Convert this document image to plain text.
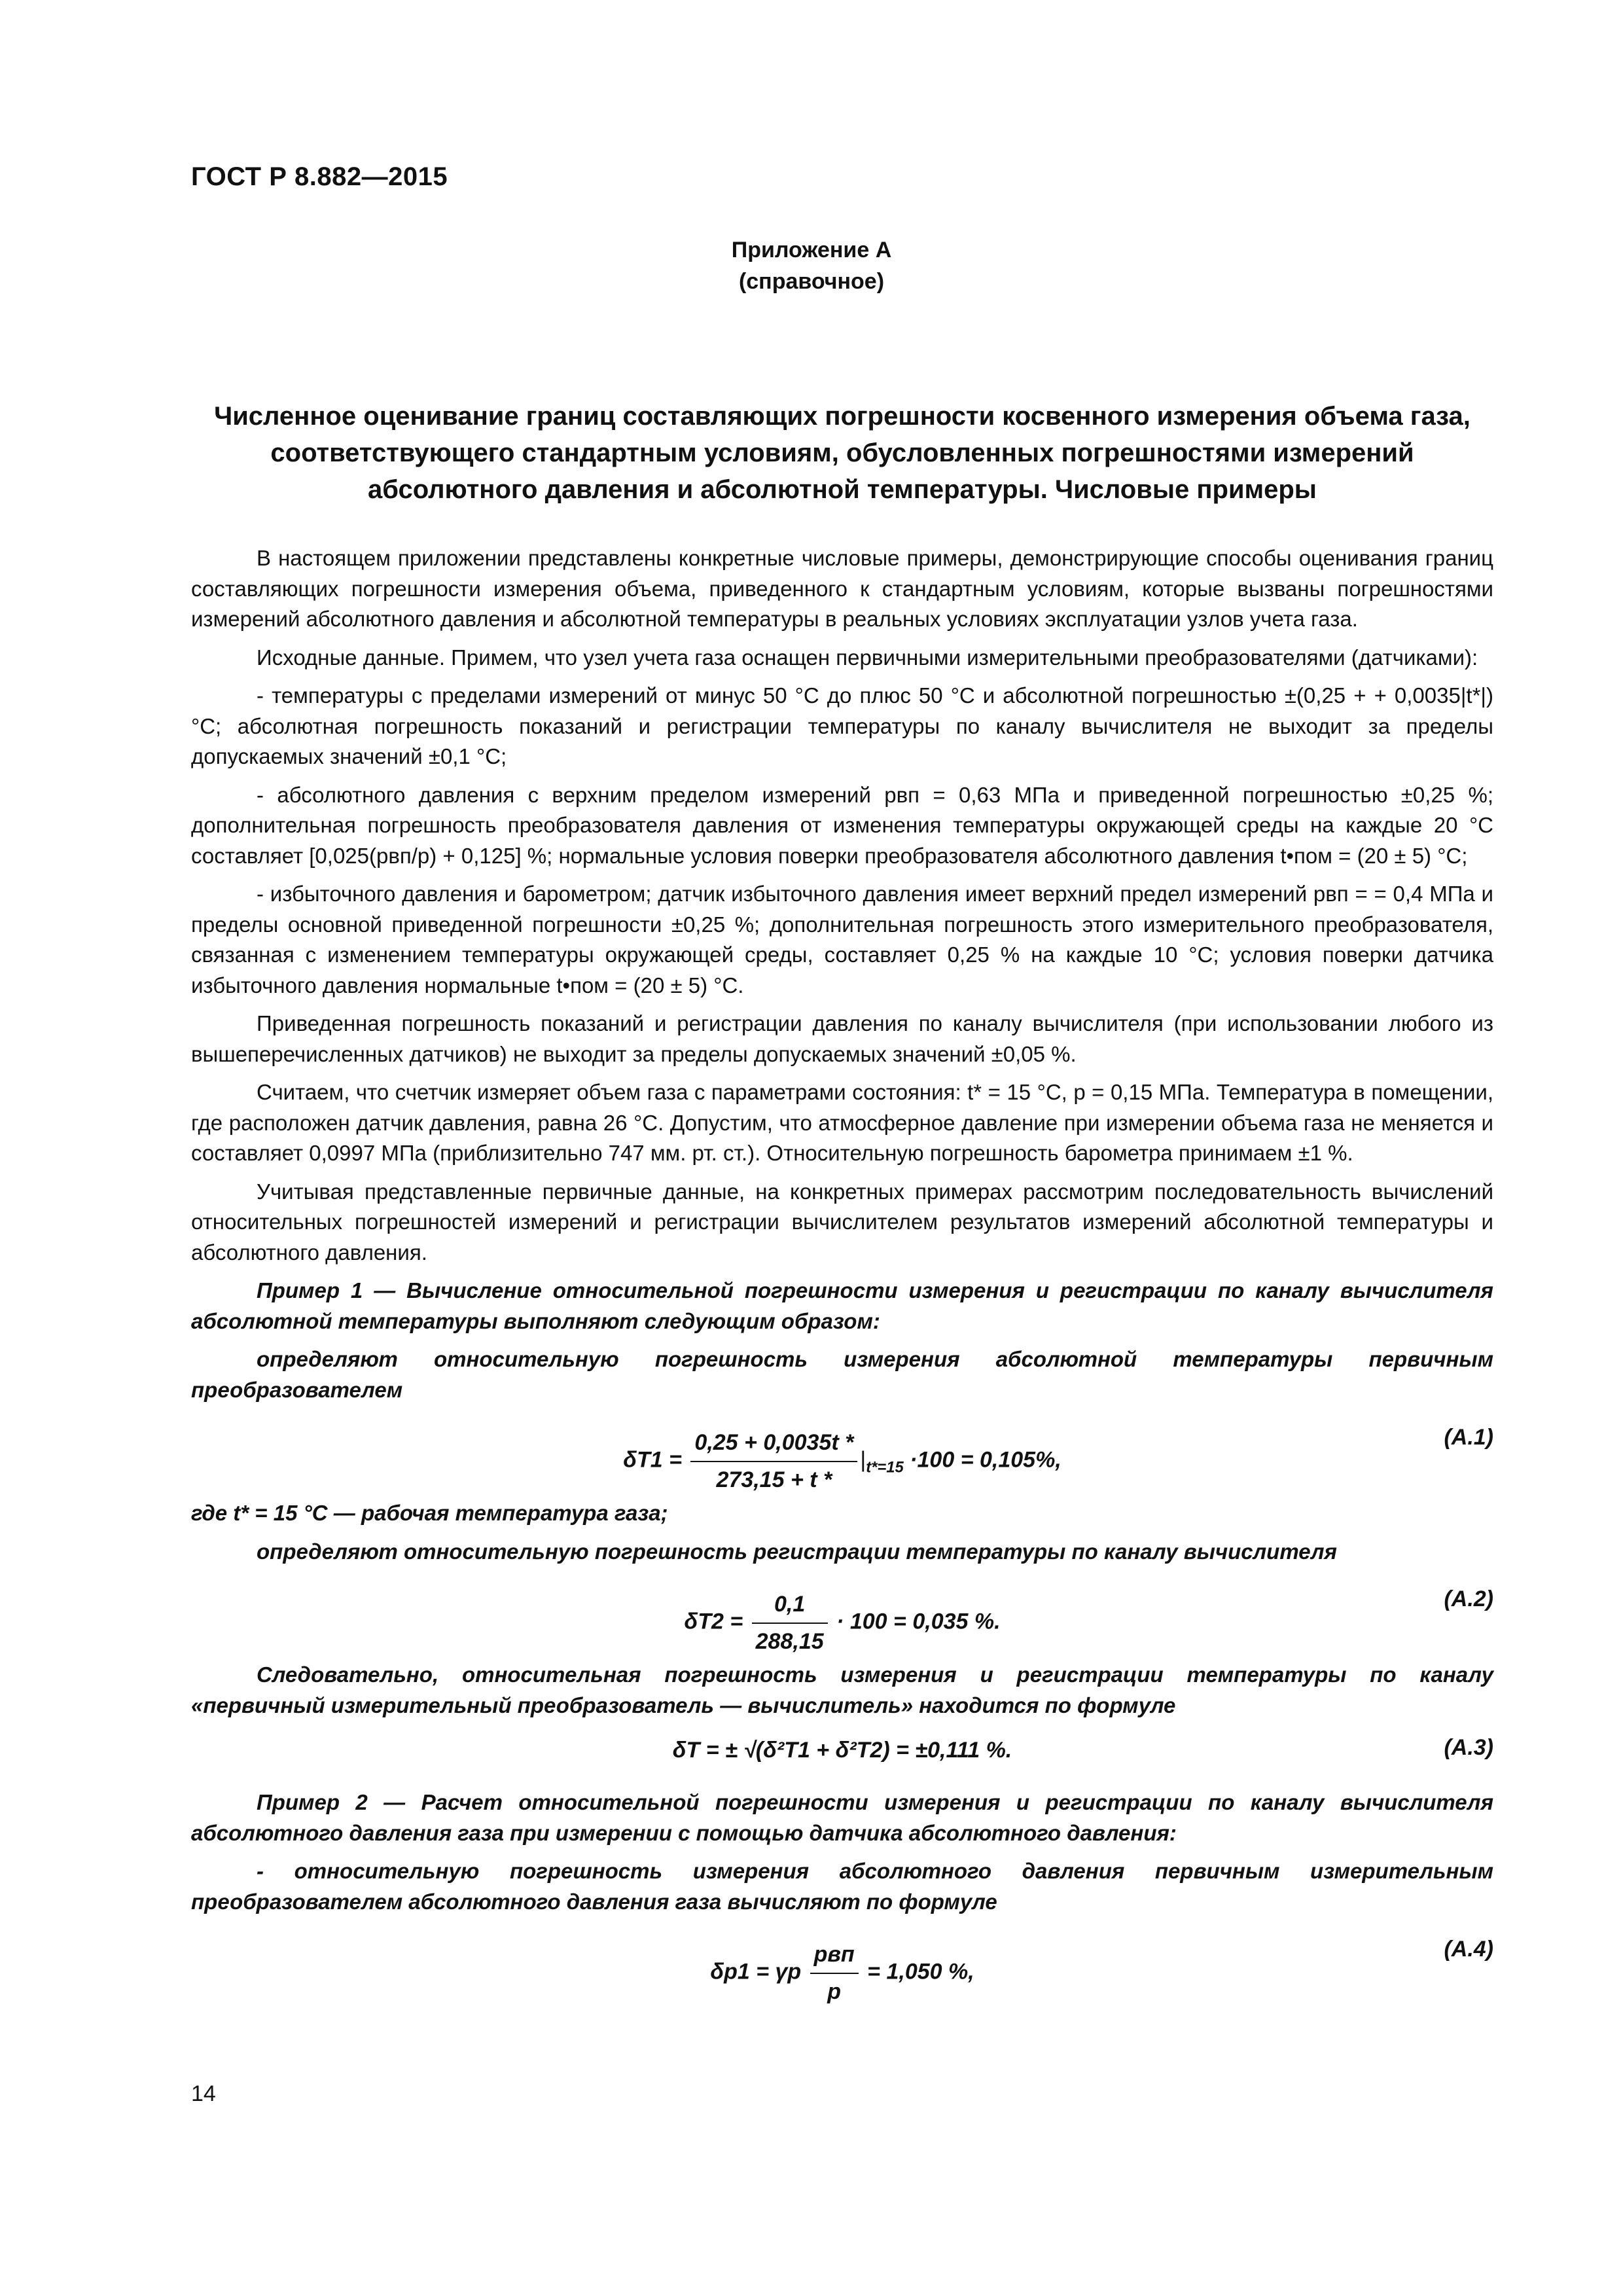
ГОСТ Р 8.882—2015
Приложение А
(справочное)
Численное оценивание границ составляющих погрешности косвенного измерения объема газа,
соответствующего стандартным условиям, обусловленных погрешностями измерений
абсолютного давления и абсолютной температуры. Числовые примеры

В настоящем приложении представлены конкретные числовые примеры, демонстрирующие способы оценивания границ составляющих погрешности измерения объема, приведенного к стандартным условиям, которые вызваны погрешностями измерений абсолютного давления и абсолютной температуры в реальных условиях эксплуатации узлов учета газа.

Исходные данные. Примем, что узел учета газа оснащен первичными измерительными преобразователями (датчиками):

- температуры с пределами измерений от минус 50 °С до плюс 50 °С и абсолютной погрешностью ±(0,25 + + 0,0035|t*|) °С; абсолютная погрешность показаний и регистрации температуры по каналу вычислителя не выходит за пределы допускаемых значений ±0,1 °С;

- абсолютного давления с верхним пределом измерений pвп = 0,63 МПа и приведенной погрешностью ±0,25 %; дополнительная погрешность преобразователя давления от изменения температуры окружающей среды на каждые 20 °С составляет [0,025(pвп/p) + 0,125] %; нормальные условия поверки преобразователя абсолютного давления t•пом = (20 ± 5) °С;

- избыточного давления и барометром; датчик избыточного давления имеет верхний предел измерений pвп = = 0,4 МПа и пределы основной приведенной погрешности ±0,25 %; дополнительная погрешность этого измерительного преобразователя, связанная с изменением температуры окружающей среды, составляет 0,25 % на каждые 10 °С; условия поверки датчика избыточного давления нормальные t•пом = (20 ± 5) °С.

Приведенная погрешность показаний и регистрации давления по каналу вычислителя (при использовании любого из вышеперечисленных датчиков) не выходит за пределы допускаемых значений ±0,05 %.

Считаем, что счетчик измеряет объем газа с параметрами состояния: t* = 15 °С, p = 0,15 МПа. Температура в помещении, где расположен датчик давления, равна 26 °С. Допустим, что атмосферное давление при измерении объема газа не меняется и составляет 0,0997 МПа (приблизительно 747 мм. рт. ст.). Относительную погрешность барометра принимаем ±1 %.

Учитывая представленные первичные данные, на конкретных примерах рассмотрим последовательность вычислений относительных погрешностей измерений и регистрации вычислителем результатов измерений абсолютной температуры и абсолютного давления.

Пример 1 — Вычисление относительной погрешности измерения и регистрации по каналу вычислителя абсолютной температуры выполняют следующим образом:

определяют относительную погрешность измерения абсолютной температуры первичным преобразователем

$\delta T1 = \frac{0,25 + 0,0035t *}{273,15 + t *} |_{t*=15} \cdot 100 = 0,105\%$,
(А.1)

где t* = 15 °С — рабочая температура газа;

определяют относительную погрешность регистрации температуры по каналу вычислителя

$\delta T2 = \frac{0,1}{288,15} \cdot 100 = 0,035$ %.
(А.2)

Следовательно, относительная погрешность измерения и регистрации температуры по каналу «первичный измерительный преобразователь — вычислитель» находится по формуле

δT = ± √(δ²T1 + δ²T2) = ±0,111 %.	(А.3)

Пример 2 — Расчет относительной погрешности измерения и регистрации по каналу вычислителя абсолютного давления газа при измерении с помощью датчика абсолютного давления:

- относительную погрешность измерения абсолютного давления первичным измерительным преобразователем абсолютного давления газа вычисляют по формуле

δp1 = γp $\frac{\text{pвп}}{p} = 1,050$ %,
(А.4)
14
